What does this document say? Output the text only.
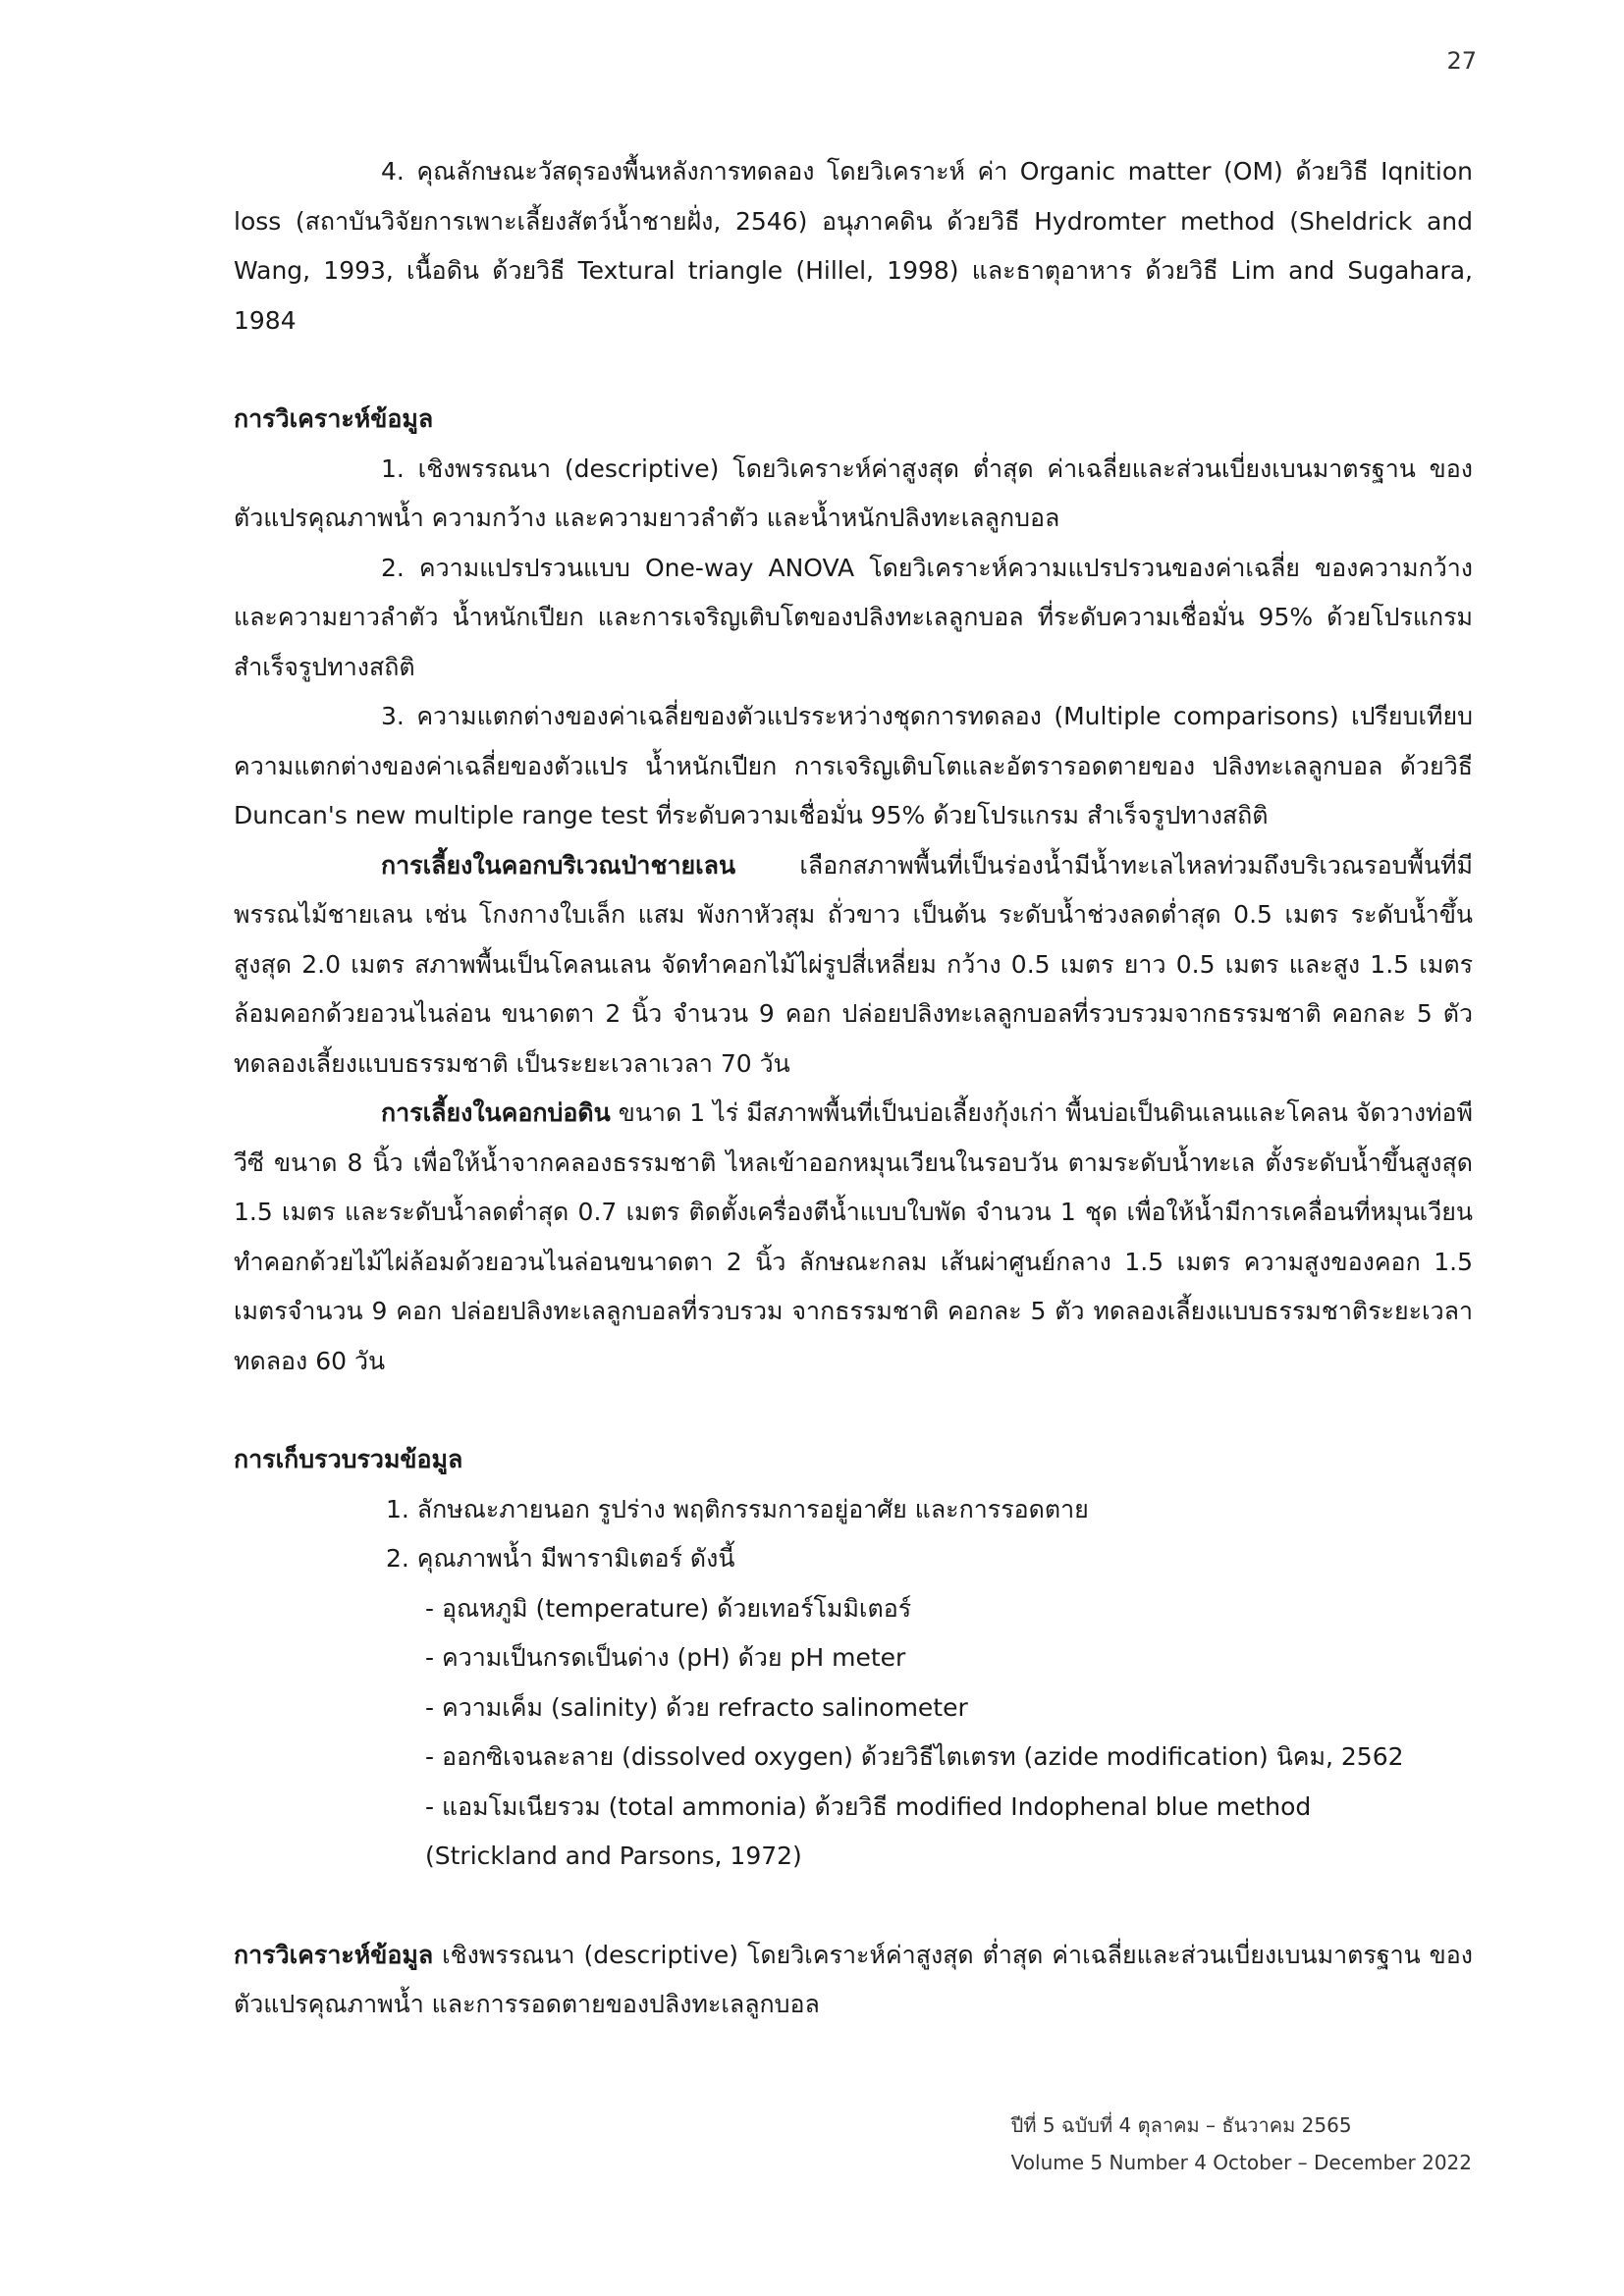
27

4. คุณลักษณะวัสดุรองพื้นหลังการทดลอง โดยวิเคราะห์ ค่า Organic matter (OM) ด้วยวิธี Iqnition loss (สถาบันวิจัยการเพาะเลี้ยงสัตว์น้ำชายฝั่ง, 2546) อนุภาคดิน ด้วยวิธี Hydromter method (Sheldrick and Wang, 1993, เนื้อดิน ด้วยวิธี Textural triangle (Hillel, 1998) และธาตุอาหาร ด้วยวิธี Lim and Sugahara, 1984

การวิเคราะห์ข้อมูล

1. เชิงพรรณนา (descriptive) โดยวิเคราะห์ค่าสูงสุด ต่ำสุด ค่าเฉลี่ยและส่วนเบี่ยงเบนมาตรฐาน ของตัวแปรคุณภาพน้ำ ความกว้าง และความยาวลำตัว และน้ำหนักปลิงทะเลลูกบอล

2. ความแปรปรวนแบบ One-way ANOVA โดยวิเคราะห์ความแปรปรวนของค่าเฉลี่ย ของความกว้างและความยาวลำตัว น้ำหนักเปียก และการเจริญเติบโตของปลิงทะเลลูกบอล ที่ระดับความเชื่อมั่น 95% ด้วยโปรแกรมสำเร็จรูปทางสถิติ

3. ความแตกต่างของค่าเฉลี่ยของตัวแปรระหว่างชุดการทดลอง (Multiple comparisons) เปรียบเทียบความแตกต่างของค่าเฉลี่ยของตัวแปร น้ำหนักเปียก การเจริญเติบโตและอัตรารอดตายของ ปลิงทะเลลูกบอล ด้วยวิธี Duncan's new multiple range test ที่ระดับความเชื่อมั่น 95% ด้วยโปรแกรม สำเร็จรูปทางสถิติ

การเลี้ยงในคอกบริเวณป่าชายเลน เลือกสภาพพื้นที่เป็นร่องน้ำมีน้ำทะเลไหลท่วมถึงบริเวณรอบพื้นที่มีพรรณไม้ชายเลน เช่น โกงกางใบเล็ก แสม พังกาหัวสุม ถั่วขาว เป็นต้น ระดับน้ำช่วงลดต่ำสุด 0.5 เมตร ระดับน้ำขึ้นสูงสุด 2.0 เมตร สภาพพื้นเป็นโคลนเลน จัดทำคอกไม้ไผ่รูปสี่เหลี่ยม กว้าง 0.5 เมตร ยาว 0.5 เมตร และสูง 1.5 เมตร ล้อมคอกด้วยอวนไนล่อน ขนาดตา 2 นิ้ว จำนวน 9 คอก ปล่อยปลิงทะเลลูกบอลที่รวบรวมจากธรรมชาติ คอกละ 5 ตัว ทดลองเลี้ยงแบบธรรมชาติ เป็นระยะเวลาเวลา 70 วัน

การเลี้ยงในคอกบ่อดิน ขนาด 1 ไร่ มีสภาพพื้นที่เป็นบ่อเลี้ยงกุ้งเก่า พื้นบ่อเป็นดินเลนและโคลน จัดวางท่อพีวีซี ขนาด 8 นิ้ว เพื่อให้น้ำจากคลองธรรมชาติ ไหลเข้าออกหมุนเวียนในรอบวัน ตามระดับน้ำทะเล ตั้งระดับน้ำขึ้นสูงสุด 1.5 เมตร และระดับน้ำลดต่ำสุด 0.7 เมตร ติดตั้งเครื่องตีน้ำแบบใบพัด จำนวน 1 ชุด เพื่อให้น้ำมีการเคลื่อนที่หมุนเวียน ทำคอกด้วยไม้ไผ่ล้อมด้วยอวนไนล่อนขนาดตา 2 นิ้ว ลักษณะกลม เส้นผ่าศูนย์กลาง 1.5 เมตร ความสูงของคอก 1.5 เมตรจำนวน 9 คอก ปล่อยปลิงทะเลลูกบอลที่รวบรวม จากธรรมชาติ คอกละ 5 ตัว ทดลองเลี้ยงแบบธรรมชาติระยะเวลาทดลอง 60 วัน

การเก็บรวบรวมข้อมูล

1. ลักษณะภายนอก รูปร่าง พฤติกรรมการอยู่อาศัย และการรอดตาย

2. คุณภาพน้ำ มีพารามิเตอร์ ดังนี้

- อุณหภูมิ (temperature) ด้วยเทอร์โมมิเตอร์

- ความเป็นกรดเป็นด่าง (pH) ด้วย pH meter

- ความเค็ม (salinity) ด้วย refracto salinometer

- ออกซิเจนละลาย (dissolved oxygen) ด้วยวิธีไตเตรท (azide modification) นิคม, 2562

- แอมโมเนียรวม (total ammonia) ด้วยวิธี modified Indophenal blue method

(Strickland and Parsons, 1972)

การวิเคราะห์ข้อมูล เชิงพรรณนา (descriptive) โดยวิเคราะห์ค่าสูงสุด ต่ำสุด ค่าเฉลี่ยและส่วนเบี่ยงเบนมาตรฐาน ของตัวแปรคุณภาพน้ำ และการรอดตายของปลิงทะเลลูกบอล

ปีที่ 5 ฉบับที่ 4 ตุลาคม – ธันวาคม 2565
Volume 5 Number 4 October – December 2022
